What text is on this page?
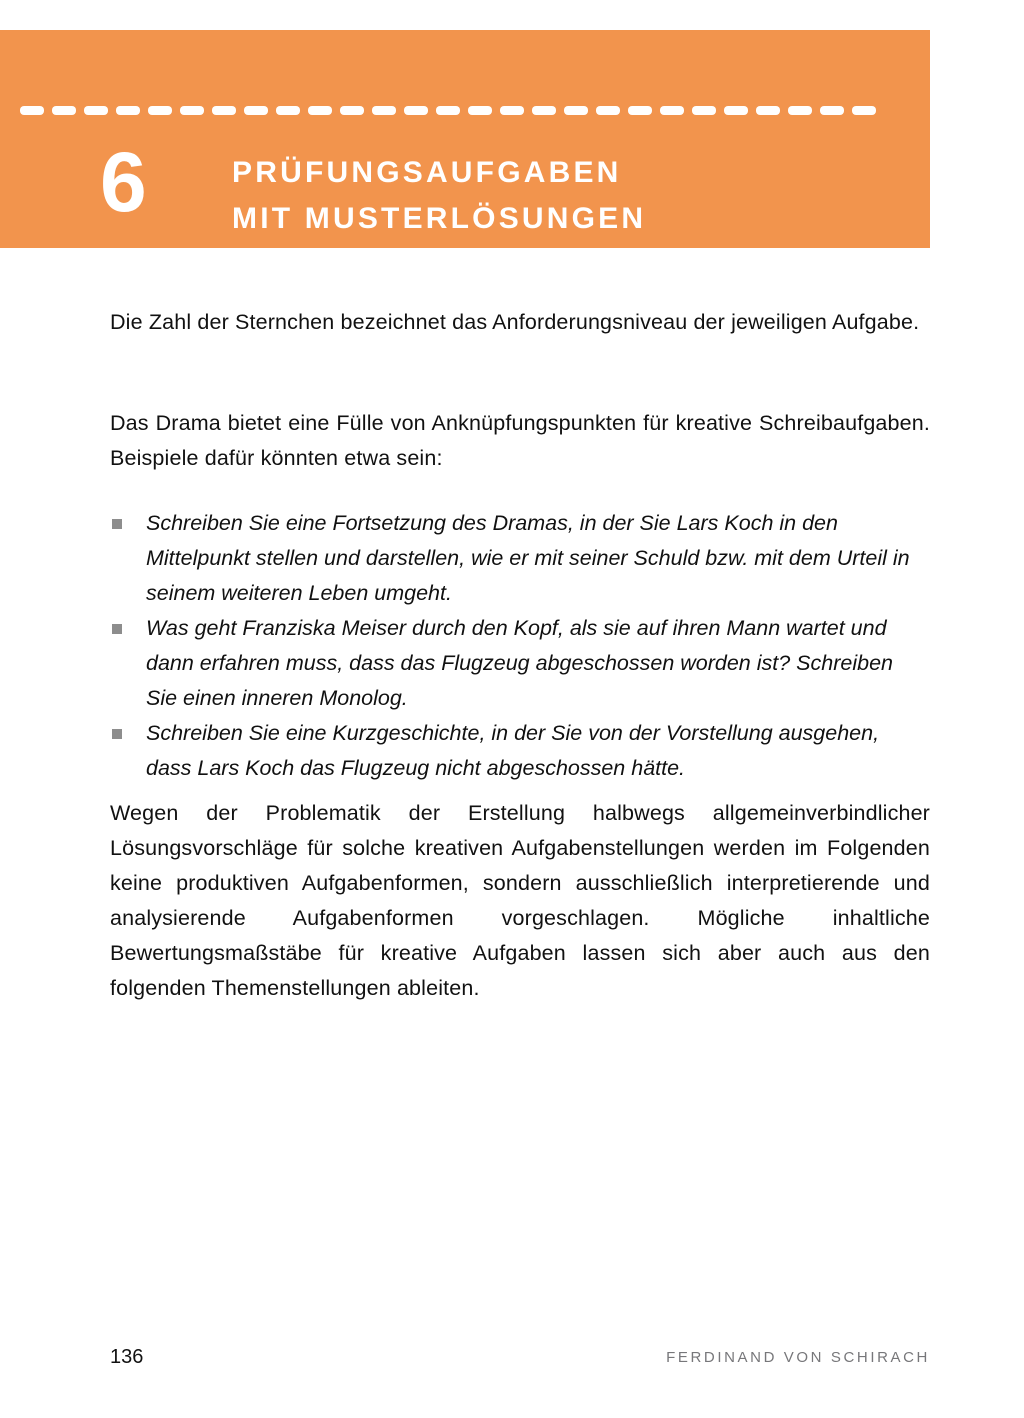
6	PRÜFUNGSAUFGABEN
MIT MUSTERLÖSUNGEN

Die Zahl der Sternchen bezeichnet das Anforderungsniveau der jeweiligen Aufgabe.

Das Drama bietet eine Fülle von Anknüpfungspunkten für kreative Schreibaufgaben. Beispiele dafür könnten etwa sein:

Schreiben Sie eine Fortsetzung des Dramas, in der Sie Lars Koch in den Mittelpunkt stellen und darstellen, wie er mit seiner Schuld bzw. mit dem Urteil in seinem weiteren Leben umgeht.
Was geht Franziska Meiser durch den Kopf, als sie auf ihren Mann wartet und dann erfahren muss, dass das Flugzeug abgeschossen worden ist? Schreiben Sie einen inneren Monolog.
Schreiben Sie eine Kurzgeschichte, in der Sie von der Vorstellung ausgehen, dass Lars Koch das Flugzeug nicht abgeschossen hätte.

Wegen der Problematik der Erstellung halbwegs allgemeinverbindlicher Lösungsvorschläge für solche kreativen Aufgabenstellungen werden im Folgenden keine produktiven Aufgabenformen, sondern ausschließlich interpretierende und analysierende Aufgabenformen vorgeschlagen. Mögliche inhaltliche Bewertungsmaßstäbe für kreative Aufgaben lassen sich aber auch aus den folgenden Themenstellungen ableiten.

136	FERDINAND VON SCHIRACH
